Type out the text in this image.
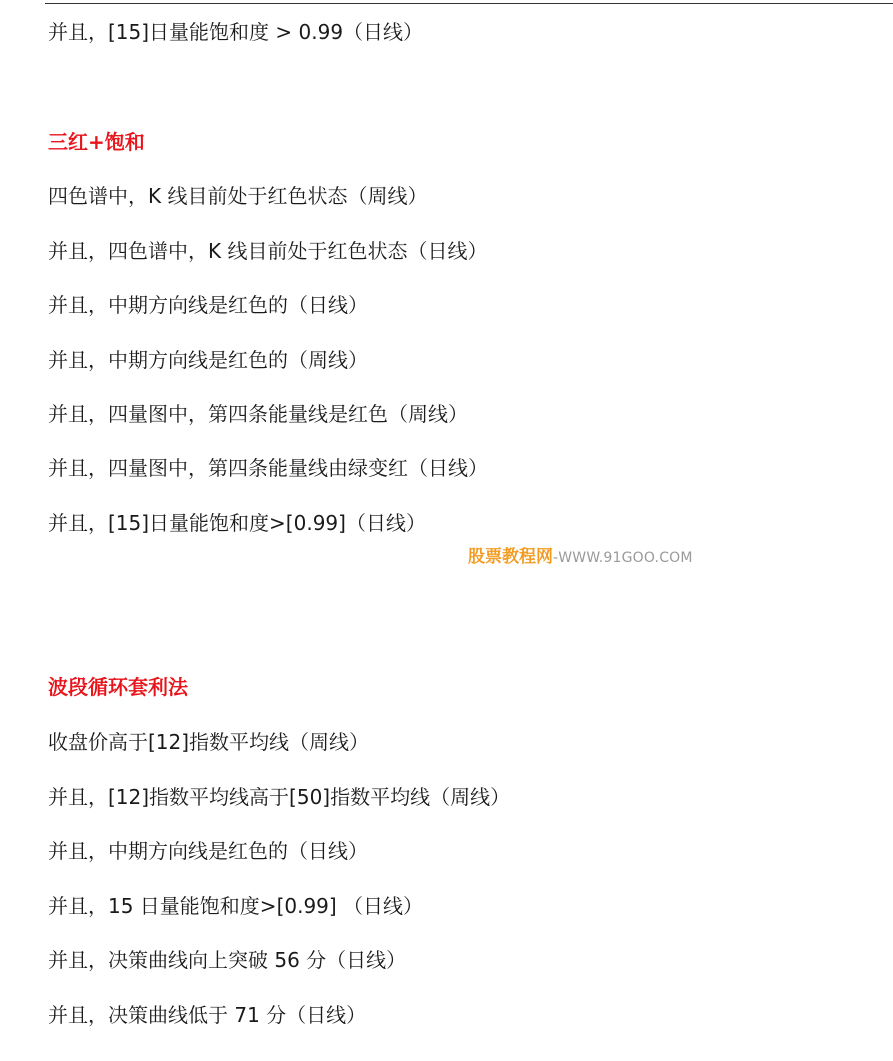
并且，[15]日量能饱和度 > 0.99（日线）
三红+饱和
四色谱中，K 线目前处于红色状态（周线）
并且，四色谱中，K 线目前处于红色状态（日线）
并且，中期方向线是红色的（日线）
并且，中期方向线是红色的（周线）
并且，四量图中，第四条能量线是红色（周线）
并且，四量图中，第四条能量线由绿变红（日线）
并且，[15]日量能饱和度>[0.99]（日线）
股票教程网-WWW.91GOO.COM
波段循环套利法
收盘价高于[12]指数平均线（周线）
并且，[12]指数平均线高于[50]指数平均线（周线）
并且，中期方向线是红色的（日线）
并且，15 日量能饱和度>[0.99] （日线）
并且，决策曲线向上突破 56 分（日线）
并且，决策曲线低于 71 分（日线）
